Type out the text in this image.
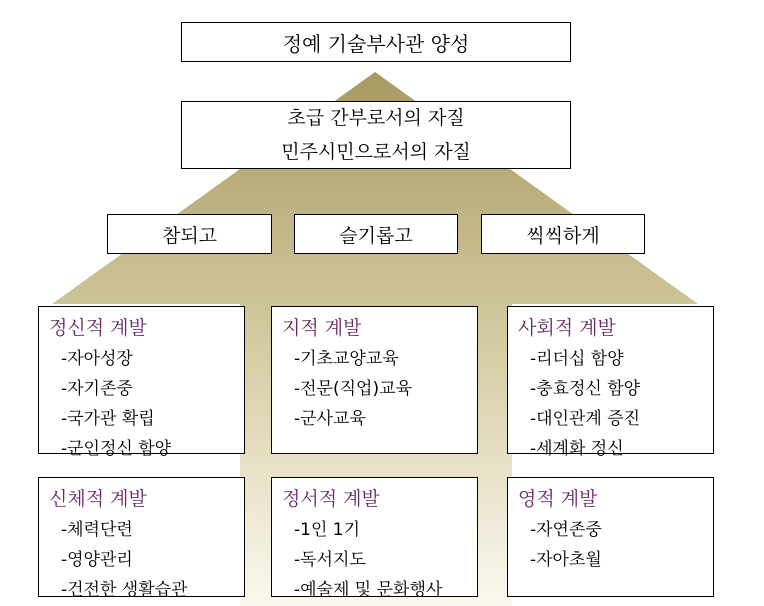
정예 기술부사관 양성
초급 간부로서의 자질
민주시민으로서의 자질
참되고	슬기롭고	씩씩하게
정신적 계발
-자아성장
-자기존중
-국가관 확립
-군인정신 함양
지적 계발
-기초교양교육
-전문(직업)교육
-군사교육
사회적 계발
-리더십 함양
-충효정신 함양
-대인관계 증진
-세계화 정신
신체적 계발
-체력단련
-영양관리
-건전한 생활습관
정서적 계발
-1인 1기
-독서지도
-예술제 및 문화행사
영적 계발
-자연존중
-자아초월
